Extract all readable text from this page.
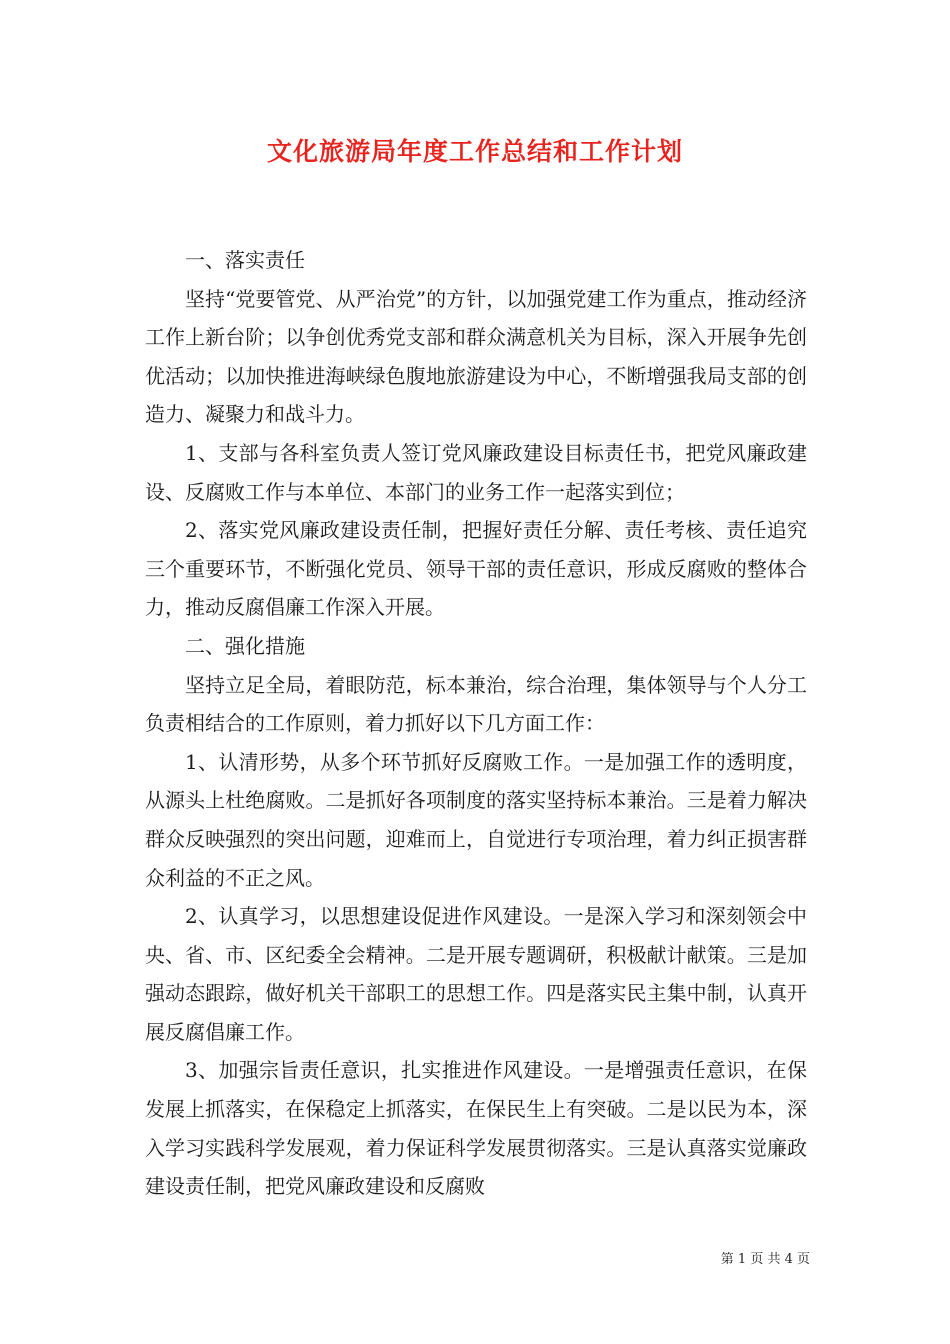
文化旅游局年度工作总结和工作计划

一、落实责任

坚持“党要管党、从严治党”的方针，以加强党建工作为重点，推动经济工作上新台阶；以争创优秀党支部和群众满意机关为目标，深入开展争先创优活动；以加快推进海峡绿色腹地旅游建设为中心，不断增强我局支部的创造力、凝聚力和战斗力。

1、支部与各科室负责人签订党风廉政建设目标责任书，把党风廉政建设、反腐败工作与本单位、本部门的业务工作一起落实到位；

2、落实党风廉政建设责任制，把握好责任分解、责任考核、责任追究三个重要环节，不断强化党员、领导干部的责任意识，形成反腐败的整体合力，推动反腐倡廉工作深入开展。

二、强化措施

坚持立足全局，着眼防范，标本兼治，综合治理，集体领导与个人分工负责相结合的工作原则，着力抓好以下几方面工作：

1、认清形势，从多个环节抓好反腐败工作。一是加强工作的透明度，从源头上杜绝腐败。二是抓好各项制度的落实坚持标本兼治。三是着力解决群众反映强烈的突出问题，迎难而上，自觉进行专项治理，着力纠正损害群众利益的不正之风。

2、认真学习，以思想建设促进作风建设。一是深入学习和深刻领会中央、省、市、区纪委全会精神。二是开展专题调研，积极献计献策。三是加强动态跟踪，做好机关干部职工的思想工作。四是落实民主集中制，认真开展反腐倡廉工作。

3、加强宗旨责任意识，扎实推进作风建设。一是增强责任意识，在保发展上抓落实，在保稳定上抓落实，在保民生上有突破。二是以民为本，深入学习实践科学发展观，着力保证科学发展贯彻落实。三是认真落实觉廉政建设责任制，把党风廉政建设和反腐败

第 1 页 共 4 页
